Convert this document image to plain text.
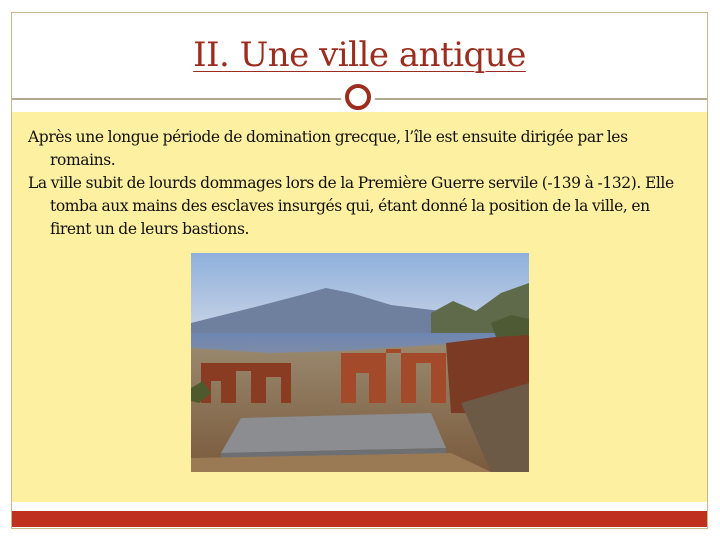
II. Une ville antique

Après une longue période de domination grecque, l’île est ensuite dirigée par les romains.

La ville subit de lourds dommages lors de la Première Guerre servile (-139 à -132). Elle tomba aux mains des esclaves insurgés qui, étant donné la position de la ville, en firent un de leurs bastions.
